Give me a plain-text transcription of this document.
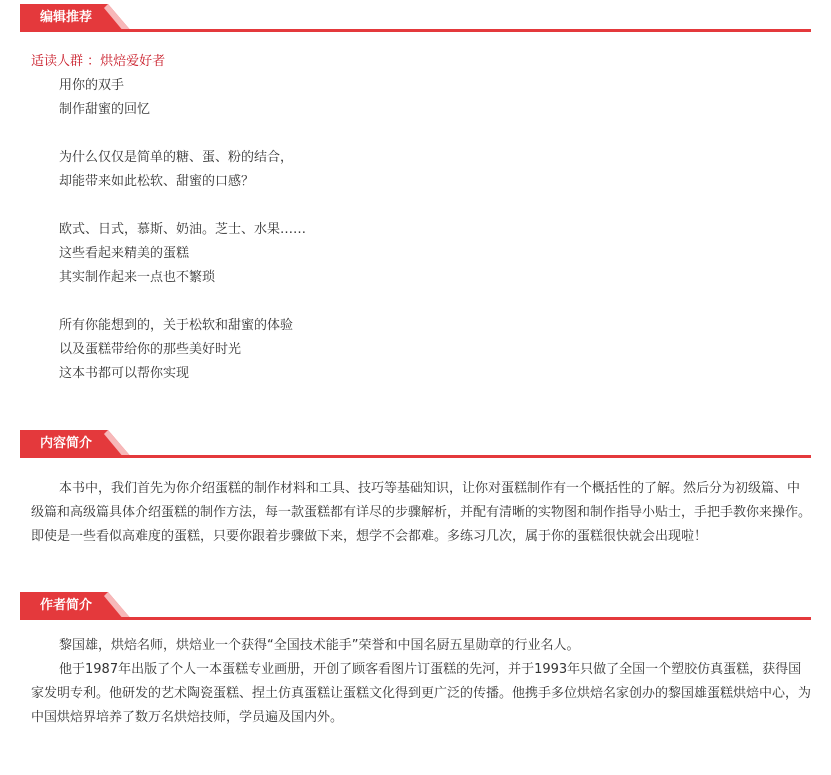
编辑推荐
适读人群 ：烘焙爱好者
用你的双手
制作甜蜜的回忆
为什么仅仅是简单的糖、蛋、粉的结合，
却能带来如此松软、甜蜜的口感？
欧式、日式，慕斯、奶油。芝士、水果……
这些看起来精美的蛋糕
其实制作起来一点也不繁琐
所有你能想到的，关于松软和甜蜜的体验
以及蛋糕带给你的那些美好时光
这本书都可以帮你实现
内容简介

本书中，我们首先为你介绍蛋糕的制作材料和工具、技巧等基础知识，让你对蛋糕制作有一个概括性的了解。然后分为初级篇、中级篇和高级篇具体介绍蛋糕的制作方法，每一款蛋糕都有详尽的步骤解析，并配有清晰的实物图和制作指导小贴士，手把手教你来操作。即使是一些看似高难度的蛋糕，只要你跟着步骤做下来，想学不会都难。多练习几次，属于你的蛋糕很快就会出现啦！

作者简介

黎国雄，烘焙名师，烘焙业一个获得“全国技术能手”荣誉和中国名厨五星勋章的行业名人。

他于1987年出版了个人一本蛋糕专业画册，开创了顾客看图片订蛋糕的先河，并于1993年只做了全国一个塑胶仿真蛋糕，获得国家发明专利。他研发的艺术陶瓷蛋糕、捏土仿真蛋糕让蛋糕文化得到更广泛的传播。他携手多位烘焙名家创办的黎国雄蛋糕烘焙中心，为中国烘焙界培养了数万名烘焙技师，学员遍及国内外。
